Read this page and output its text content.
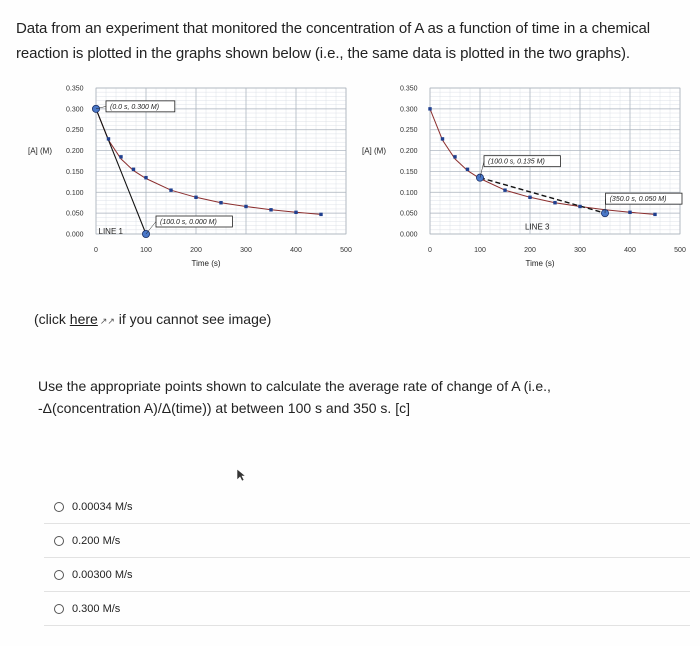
Data from an experiment that monitored the concentration of A as a function of time in a chemical

reaction is plotted in the graphs shown below (i.e., the same data is plotted in the two graphs).

0.000
0.050
0.100
0.150
0.200
0.250
0.300
0.350
0	100	200	300	400	500
[A] (M)
Time (s)
LINE 1
(0.0 s, 0.300 M)
(100.0 s, 0.000 M)
0.000
0.050
0.100
0.150
0.200
0.250
0.300
0.350
0	100	200	300	400	500
[A] (M)
Time (s)
LINE 3
(100.0 s, 0.135 M)
(350.0 s, 0.050 M)
(click here ↗↗ if you cannot see image)

Use the appropriate points shown to calculate the average rate of change of A (i.e.,

-Δ(concentration A)/Δ(time)) at between 100 s and 350 s. [c]

0.00034 M/s
0.200 M/s
0.00300 M/s
0.300 M/s
